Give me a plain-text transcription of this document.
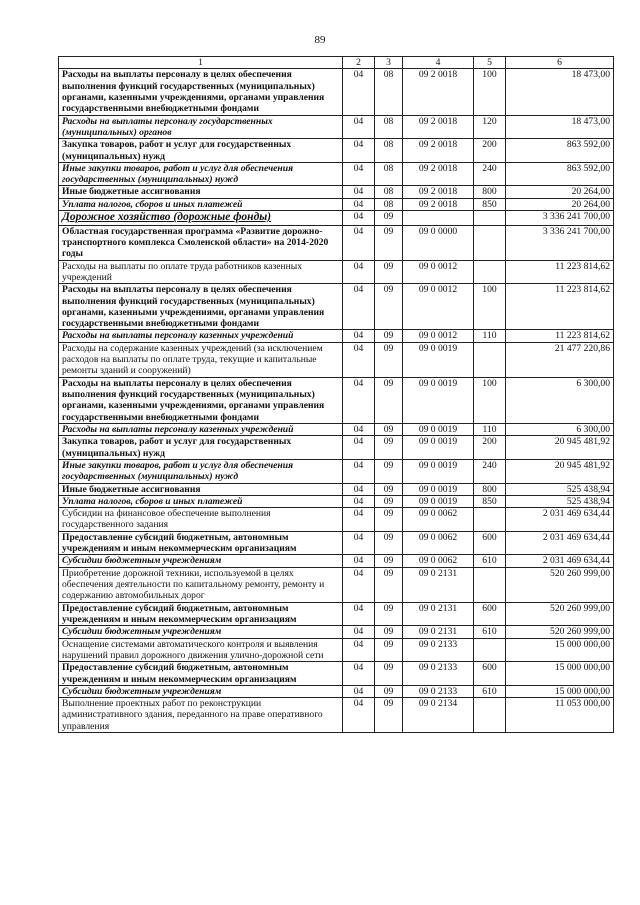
89
1	2	3	4	5	6
Расходы на выплаты персоналу в целях обеспечения выполнения функций государственных (муниципальных) органами, казенными учреждениями, органами управления государственными внебюджетными фондами	04	08	09 2 0018	100	18 473,00
Расходы на выплаты персоналу государственных (муниципальных) органов	04	08	09 2 0018	120	18 473,00
Закупка товаров, работ и услуг для государственных (муниципальных) нужд	04	08	09 2 0018	200	863 592,00
Иные закупки товаров, работ и услуг для обеспечения государственных (муниципальных) нужд	04	08	09 2 0018	240	863 592,00
Иные бюджетные ассигнования	04	08	09 2 0018	800	20 264,00
Уплата налогов, сборов и иных платежей	04	08	09 2 0018	850	20 264,00
Дорожное хозяйство (дорожные фонды)	04	09			3 336 241 700,00
Областная государственная программа «Развитие дорожно-транспортного комплекса Смоленской области» на 2014-2020 годы	04	09	09 0 0000		3 336 241 700,00
Расходы на выплаты по оплате труда работников казенных учреждений	04	09	09 0 0012		11 223 814,62
Расходы на выплаты персоналу в целях обеспечения выполнения функций государственных (муниципальных) органами, казенными учреждениями, органами управления государственными внебюджетными фондами	04	09	09 0 0012	100	11 223 814,62
Расходы на выплаты персоналу казенных учреждений	04	09	09 0 0012	110	11 223 814,62
Расходы на содержание казенных учреждений (за исключением расходов на выплаты по оплате труда, текущие и капитальные ремонты зданий и сооружений)	04	09	09 0 0019		21 477 220,86
Расходы на выплаты персоналу в целях обеспечения выполнения функций государственных (муниципальных) органами, казенными учреждениями, органами управления государственными внебюджетными фондами	04	09	09 0 0019	100	6 300,00
Расходы на выплаты персоналу казенных учреждений	04	09	09 0 0019	110	6 300,00
Закупка товаров, работ и услуг для государственных (муниципальных) нужд	04	09	09 0 0019	200	20 945 481,92
Иные закупки товаров, работ и услуг для обеспечения государственных (муниципальных) нужд	04	09	09 0 0019	240	20 945 481,92
Иные бюджетные ассигнования	04	09	09 0 0019	800	525 438,94
Уплата налогов, сборов и иных платежей	04	09	09 0 0019	850	525 438,94
Субсидии на финансовое обеспечение выполнения государственного задания	04	09	09 0 0062		2 031 469 634,44
Предоставление субсидий бюджетным, автономным учреждениям и иным некоммерческим организациям	04	09	09 0 0062	600	2 031 469 634,44
Субсидии бюджетным учреждениям	04	09	09 0 0062	610	2 031 469 634,44
Приобретение дорожной техники, используемой в целях обеспечения деятельности по капитальному ремонту, ремонту и содержанию автомобильных дорог	04	09	09 0 2131		520 260 999,00
Предоставление субсидий бюджетным, автономным учреждениям и иным некоммерческим организациям	04	09	09 0 2131	600	520 260 999,00
Субсидии бюджетным учреждениям	04	09	09 0 2131	610	520 260 999,00
Оснащение системами автоматического контроля и выявления нарушений правил дорожного движения улично-дорожной сети	04	09	09 0 2133		15 000 000,00
Предоставление субсидий бюджетным, автономным учреждениям и иным некоммерческим организациям	04	09	09 0 2133	600	15 000 000,00
Субсидии бюджетным учреждениям	04	09	09 0 2133	610	15 000 000,00
Выполнение проектных работ по реконструкции административного здания, переданного на праве оперативного управления	04	09	09 0 2134		11 053 000,00
